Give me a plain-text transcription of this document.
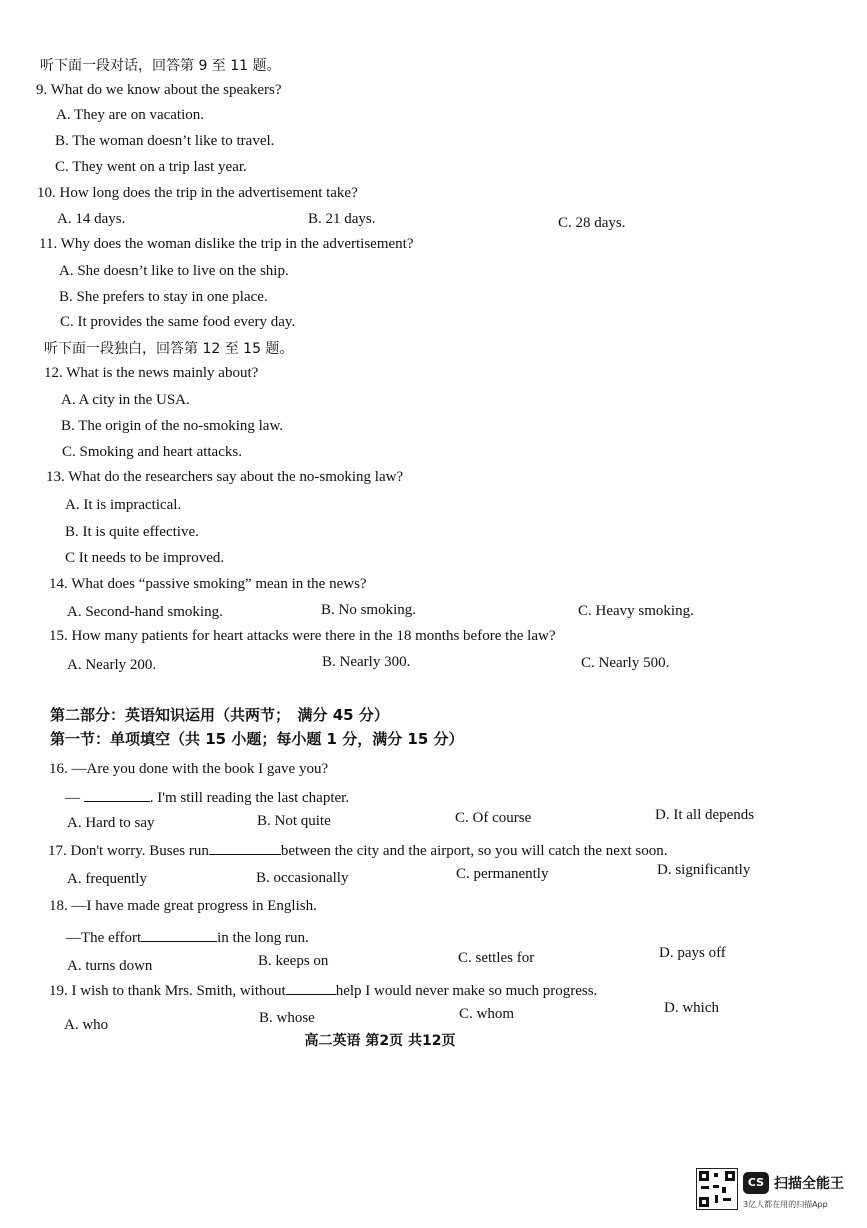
听下面一段对话，回答第 9 至 11 题。
9. What do we know about the speakers?
A. They are on vacation.
B. The woman doesn’t like to travel.
C. They went on a trip last year.
10. How long does the trip in the advertisement take?
A. 14 days.	B. 21 days.	C. 28 days.
11. Why does the woman dislike the trip in the advertisement?
A. She doesn’t like to live on the ship.
B. She prefers to stay in one place.
C. It provides the same food every day.
听下面一段独白，回答第 12 至 15 题。
12. What is the news mainly about?
A. A city in the USA.
B. The origin of the no-smoking law.
C. Smoking and heart attacks.
13. What do the researchers say about the no-smoking law?
A. It is impractical.
B. It is quite effective.
C It needs to be improved.
14. What does “passive smoking” mean in the news?
A. Second-hand smoking.	B. No smoking.	C. Heavy smoking.
15. How many patients for heart attacks were there in the 18 months before the law?
A. Nearly 200.	B. Nearly 300.	C. Nearly 500.
第二部分：英语知识运用（共两节；　满分 45 分）
第一节：单项填空（共 15 小题；每小题 1 分，满分 15 分）
16. —Are you done with the book I gave you?
—	. I'm still reading the last chapter.
A. Hard to say	B. Not quite	C. Of course	D. It all depends
17. Don't worry. Buses run	between the city and the airport, so you will catch the next soon.
A. frequently	B. occasionally	C. permanently	D. significantly
18. —I have made great progress in English.
—The effort	in the long run.
A. turns down	B. keeps on	C. settles for	D. pays off
19. I wish to thank Mrs. Smith, without	help I would never make so much progress.
A. who	B. whose	C. whom	D. which
高二英语 第2页 共12页
CS 扫描全能王
3亿人都在用的扫描App
